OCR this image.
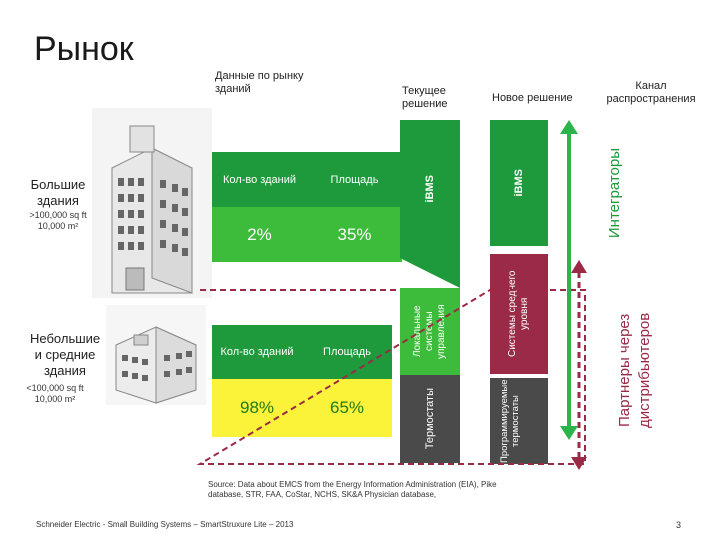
Рынок
Данные по рынку зданий	Текущее решение	Новое решение
Канал распространения
Большие здания
>100,000 sq ft
10,000 m²
Небольшие и средние здания
<100,000 sq ft
10,000 m²
Кол-во зданий	Площадь
2%	35%
Кол-во зданий	Площадь
98%	65%
iBMS
Локальные системы управления
Термостаты
iBMS
Системы среднего уровня
Программируемые термостаты
Интеграторы
Партнеры через дистрибьютеров
Source: Data about EMCS from the Energy Information Administration (EIA), Pike database, STR, FAA, CoStar, NCHS, SK&A Physician database,
Schneider Electric - Small Building Systems – SmartStruxure Lite – 2013	3
